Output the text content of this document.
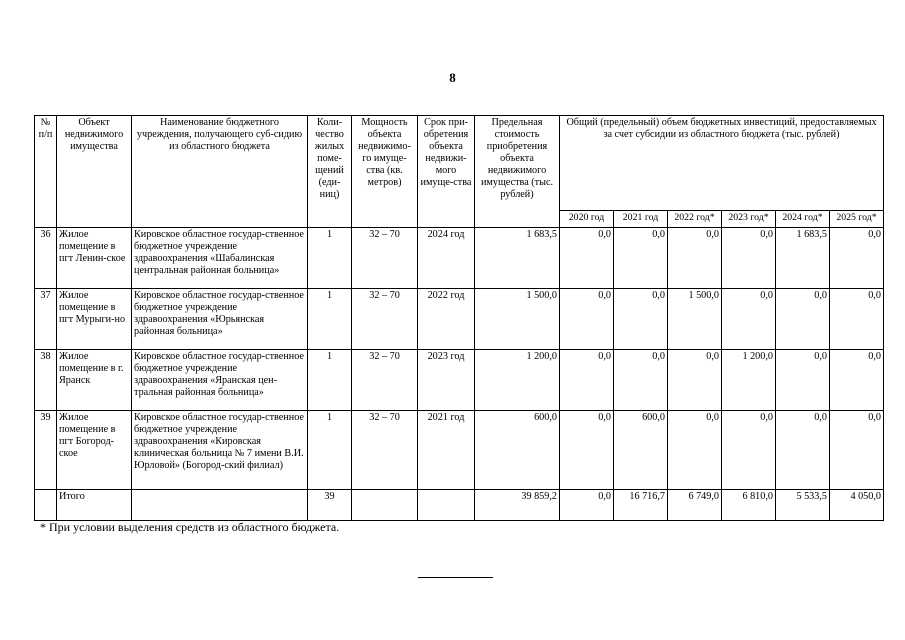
8
№ п/п	Объект недвижимого имущества	Наименование бюджетного учреждения, получающего суб-сидию из областного бюджета	Коли-чество жилых поме-щений (еди-ниц)	Мощность объекта недвижимо-го имуще-ства (кв. метров)	Срок при-обретения объекта недвижи-мого имуще-ства	Предельная стоимость приобретения объекта недвижимого имущества (тыс. рублей)	Общий (предельный) объем бюджетных инвестиций, предоставляемых за счет субсидии из областного бюджета (тыс. рублей)					
							2020 год	2021 год	2022 год*	2023 год*	2024 год*	2025 год*
36	Жилое помещение в пгт Ленин-ское	Кировское областное государ-ственное бюджетное учреждение здравоохранения «Шабалинская центральная районная больница»	1	32 – 70	2024 год	1 683,5	0,0	0,0	0,0	0,0	1 683,5	0,0
37	Жилое помещение в пгт Мурыги-но	Кировское областное государ-ственное бюджетное учреждение здравоохранения «Юрьянская районная больница»	1	32 – 70	2022 год	1 500,0	0,0	0,0	1 500,0	0,0	0,0	0,0
38	Жилое помещение в г. Яранск	Кировское областное государ-ственное бюджетное учреждение здравоохранения «Яранская цен-тральная районная больница»	1	32 – 70	2023 год	1 200,0	0,0	0,0	0,0	1 200,0	0,0	0,0
39	Жилое помещение в пгт Богород-ское	Кировское областное государ-ственное бюджетное учреждение здравоохранения «Кировская клиническая больница № 7 имени В.И. Юрловой» (Богород-ский филиал)	1	32 – 70	2021 год	600,0	0,0	600,0	0,0	0,0	0,0	0,0
	Итого		39			39 859,2	0,0	16 716,7	6 749,0	6 810,0	5 533,5	4 050,0
* При условии выделения средств из областного бюджета.
